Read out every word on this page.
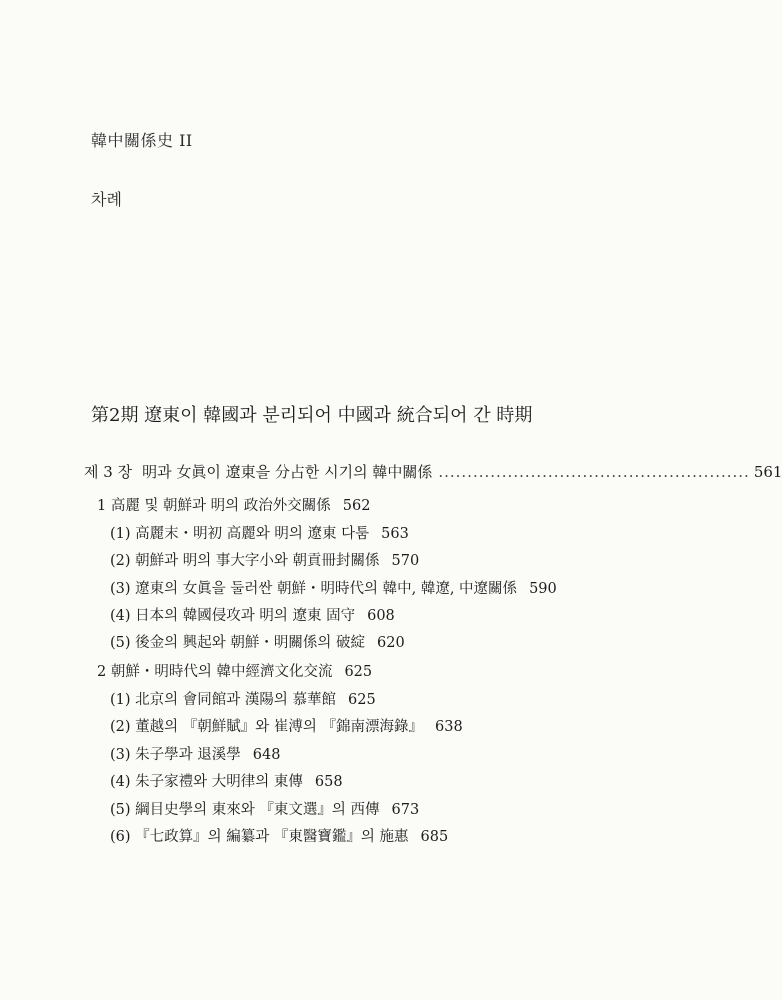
韓中關係史 II
차례
第2期 遼東이 韓國과 분리되어 中國과 統合되어 간 時期
제 3 장 明과 女眞이 遼東을 分占한 시기의 韓中關係 ...................................................... 561
1 高麗 및 朝鮮과 明의 政治外交關係 562
(1) 高麗末・明初 高麗와 明의 遼東 다툼 563
(2) 朝鮮과 明의 事大字小와 朝貢冊封關係 570
(3) 遼東의 女眞을 둘러싼 朝鮮・明時代의 韓中, 韓遼, 中遼關係 590
(4) 日本의 韓國侵攻과 明의 遼東 固守 608
(5) 後金의 興起와 朝鮮・明關係의 破綻 620
2 朝鮮・明時代의 韓中經濟文化交流 625
(1) 北京의 會同館과 漢陽의 慕華館 625
(2) 董越의 『朝鮮賦』와 崔溥의 『錦南漂海錄』 638
(3) 朱子學과 退溪學 648
(4) 朱子家禮와 大明律의 東傳 658
(5) 綱目史學의 東來와 『東文選』의 西傳 673
(6) 『七政算』의 編纂과 『東醫寶鑑』의 施惠 685
